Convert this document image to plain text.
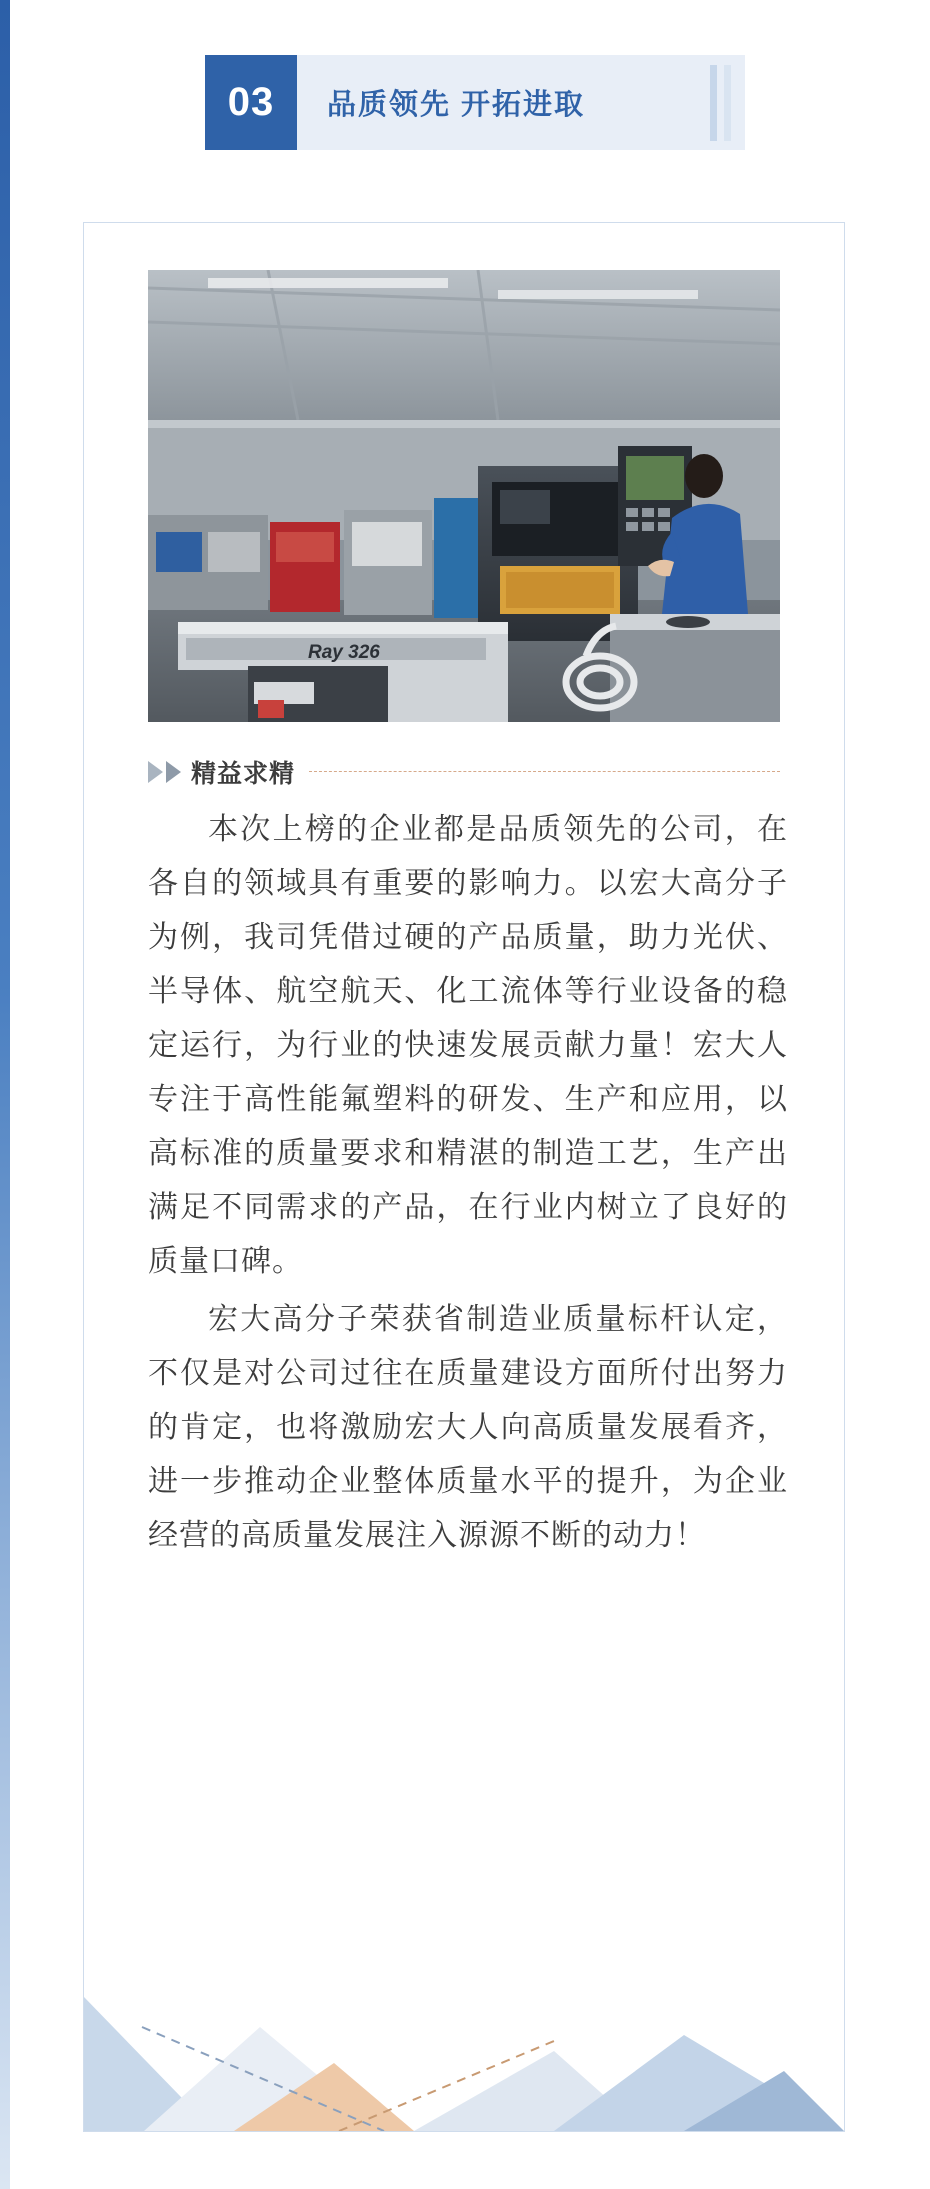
03	品质领先 开拓进取
Ray 326
精益求精

本次上榜的企业都是品质领先的公司，在各自的领域具有重要的影响力。以宏大高分子为例，我司凭借过硬的产品质量，助力光伏、半导体、航空航天、化工流体等行业设备的稳定运行，为行业的快速发展贡献力量！宏大人专注于高性能氟塑料的研发、生产和应用，以高标准的质量要求和精湛的制造工艺，生产出满足不同需求的产品，在行业内树立了良好的质量口碑。

宏大高分子荣获省制造业质量标杆认定，不仅是对公司过往在质量建设方面所付出努力的肯定，也将激励宏大人向高质量发展看齐，进一步推动企业整体质量水平的提升，为企业经营的高质量发展注入源源不断的动力！
